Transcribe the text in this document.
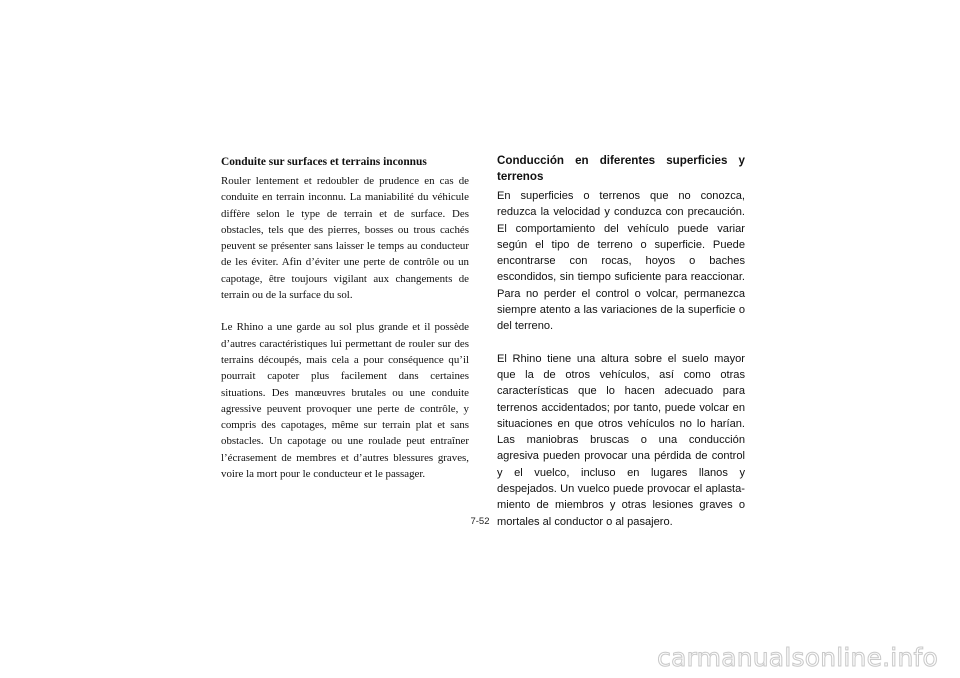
Conduite sur surfaces et terrains inconnus

Rouler lentement et redoubler de prudence en cas de conduite en terrain inconnu. La maniabilité du véhicule diffère selon le type de terrain et de surface. Des obstacles, tels que des pierres, bosses ou trous cachés peuvent se présenter sans laisser le temps au conducteur de les éviter. Afin d’éviter une perte de contrôle ou un capotage, être toujours vigilant aux changements de terrain ou de la surface du sol.

Le Rhino a une garde au sol plus grande et il possède d’autres caractéristiques lui permettant de rouler sur des terrains découpés, mais cela a pour conséquence qu’il pourrait capoter plus facilement dans certaines situations. Des manœuvres brutales ou une conduite agressive peuvent provoquer une perte de contrôle, y compris des capotages, même sur terrain plat et sans obstacles. Un capotage ou une roulade peut entraîner l’écrasement de membres et d’autres blessures graves, voire la mort pour le conducteur et le passager.

Conducción en diferentes superficies y terrenos

En superficies o terrenos que no conozca, reduzca la velocidad y conduzca con precaución. El comportamiento del vehículo puede variar según el tipo de terreno o superficie. Puede encontrarse con rocas, hoyos o baches escondidos, sin tiempo suficiente para reaccionar. Para no perder el control o volcar, permanezca siempre atento a las variaciones de la superficie o del terreno.

El Rhino tiene una altura sobre el suelo mayor que la de otros vehículos, así como otras características que lo hacen adecuado para terrenos accidentados; por tanto, puede volcar en situaciones en que otros vehículos no lo harían. Las maniobras bruscas o una conducción agresiva pueden provocar una pérdida de control y el vuelco, incluso en lugares llanos y despejados. Un vuelco puede provocar el aplastamiento de miembros y otras lesiones graves o mortales al conductor o al pasajero.

7-52
carmanualsonline.info
